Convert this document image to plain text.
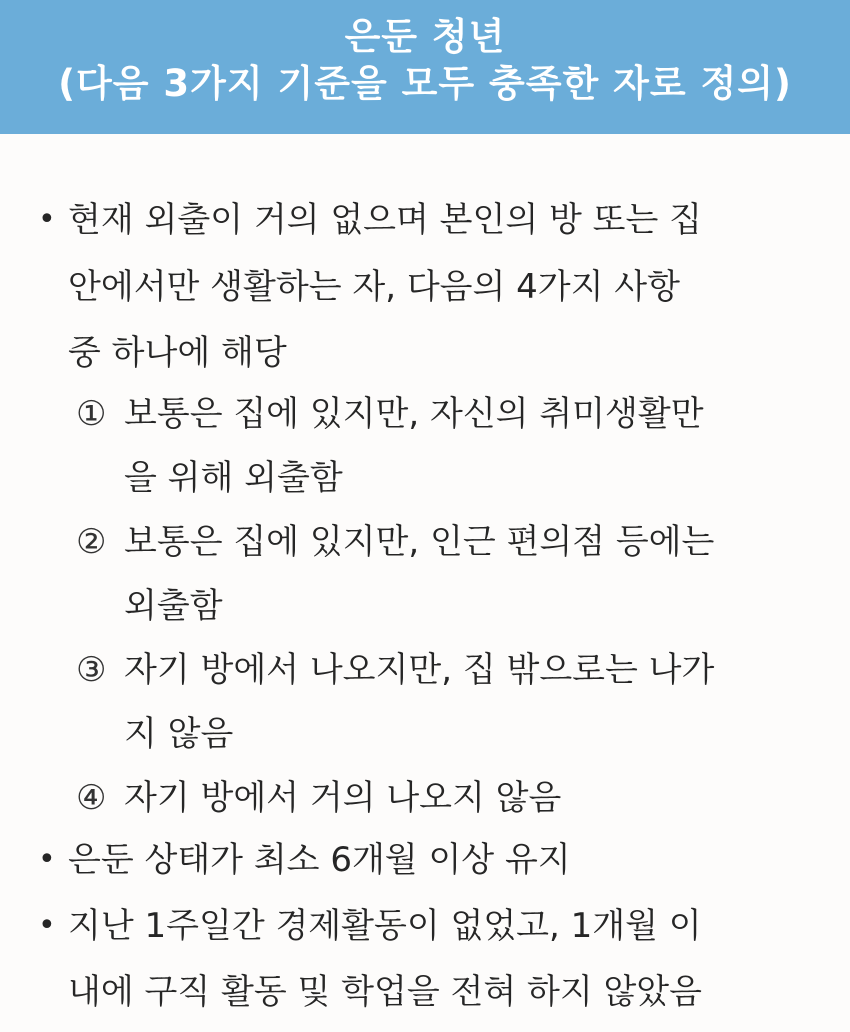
은둔 청년
(다음 3가지 기준을 모두 충족한 자로 정의)
• 현재 외출이 거의 없으며 본인의 방 또는 집
안에서만 생활하는 자, 다음의 4가지 사항
중 하나에 해당
① 보통은 집에 있지만, 자신의 취미생활만
을 위해 외출함
② 보통은 집에 있지만, 인근 편의점 등에는
외출함
③ 자기 방에서 나오지만, 집 밖으로는 나가
지 않음
④ 자기 방에서 거의 나오지 않음
• 은둔 상태가 최소 6개월 이상 유지
• 지난 1주일간 경제활동이 없었고, 1개월 이
내에 구직 활동 및 학업을 전혀 하지 않았음
